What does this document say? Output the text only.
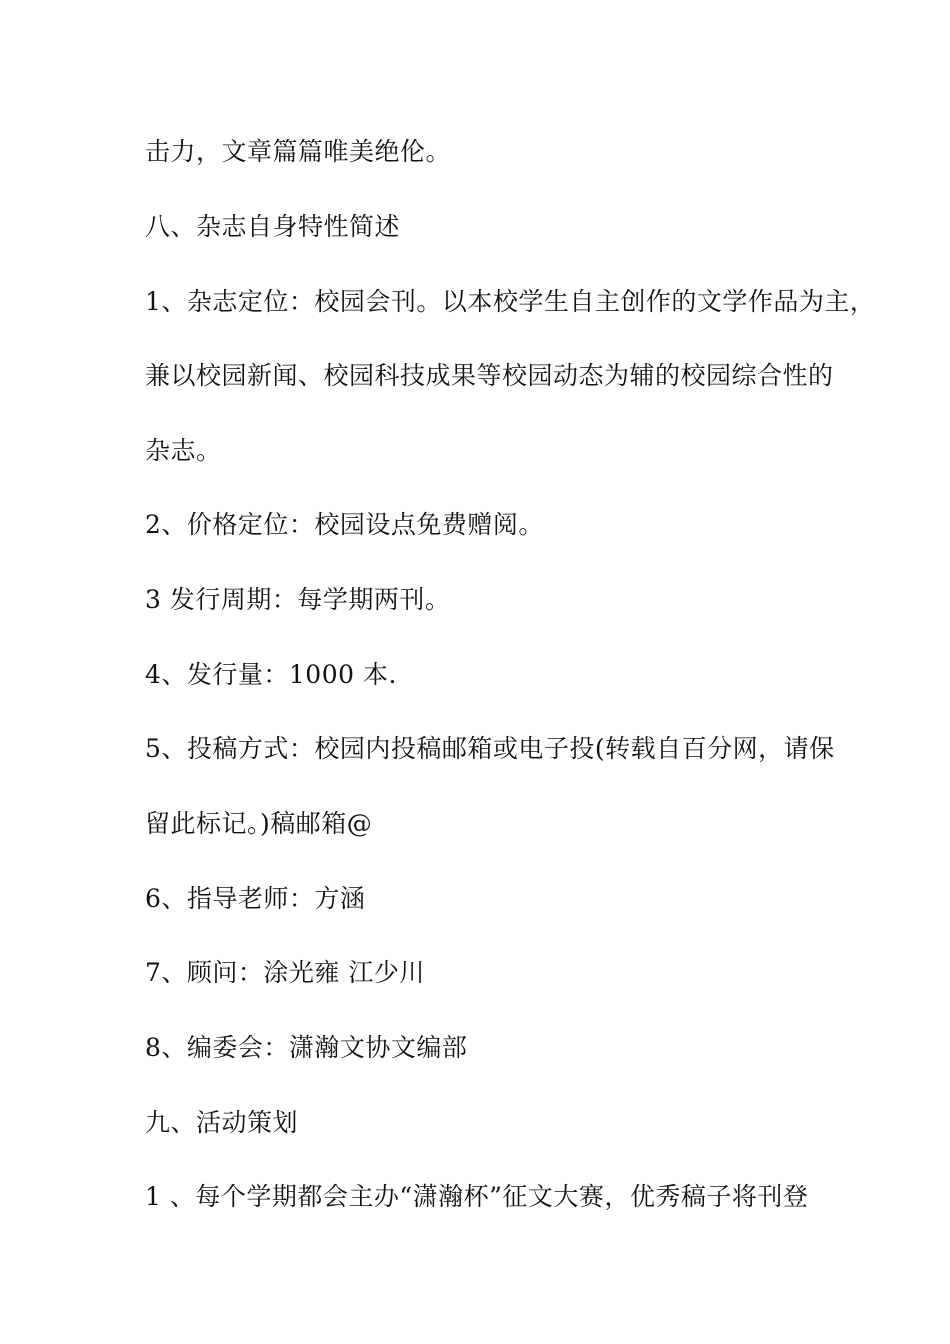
击力，文章篇篇唯美绝伦。

八、杂志自身特性简述

1、杂志定位：校园会刊。以本校学生自主创作的文学作品为主，

兼以校园新闻、校园科技成果等校园动态为辅的校园综合性的

杂志。

2、价格定位：校园设点免费赠阅。

3 发行周期：每学期两刊。

4、发行量：1000 本.

5、投稿方式：校园内投稿邮箱或电子投(转载自百分网，请保

留此标记。)稿邮箱@

6、指导老师：方涵

7、顾问：涂光雍 江少川

8、编委会：潇瀚文协文编部

九、活动策划

1 、每个学期都会主办“潇瀚杯”征文大赛，优秀稿子将刊登
